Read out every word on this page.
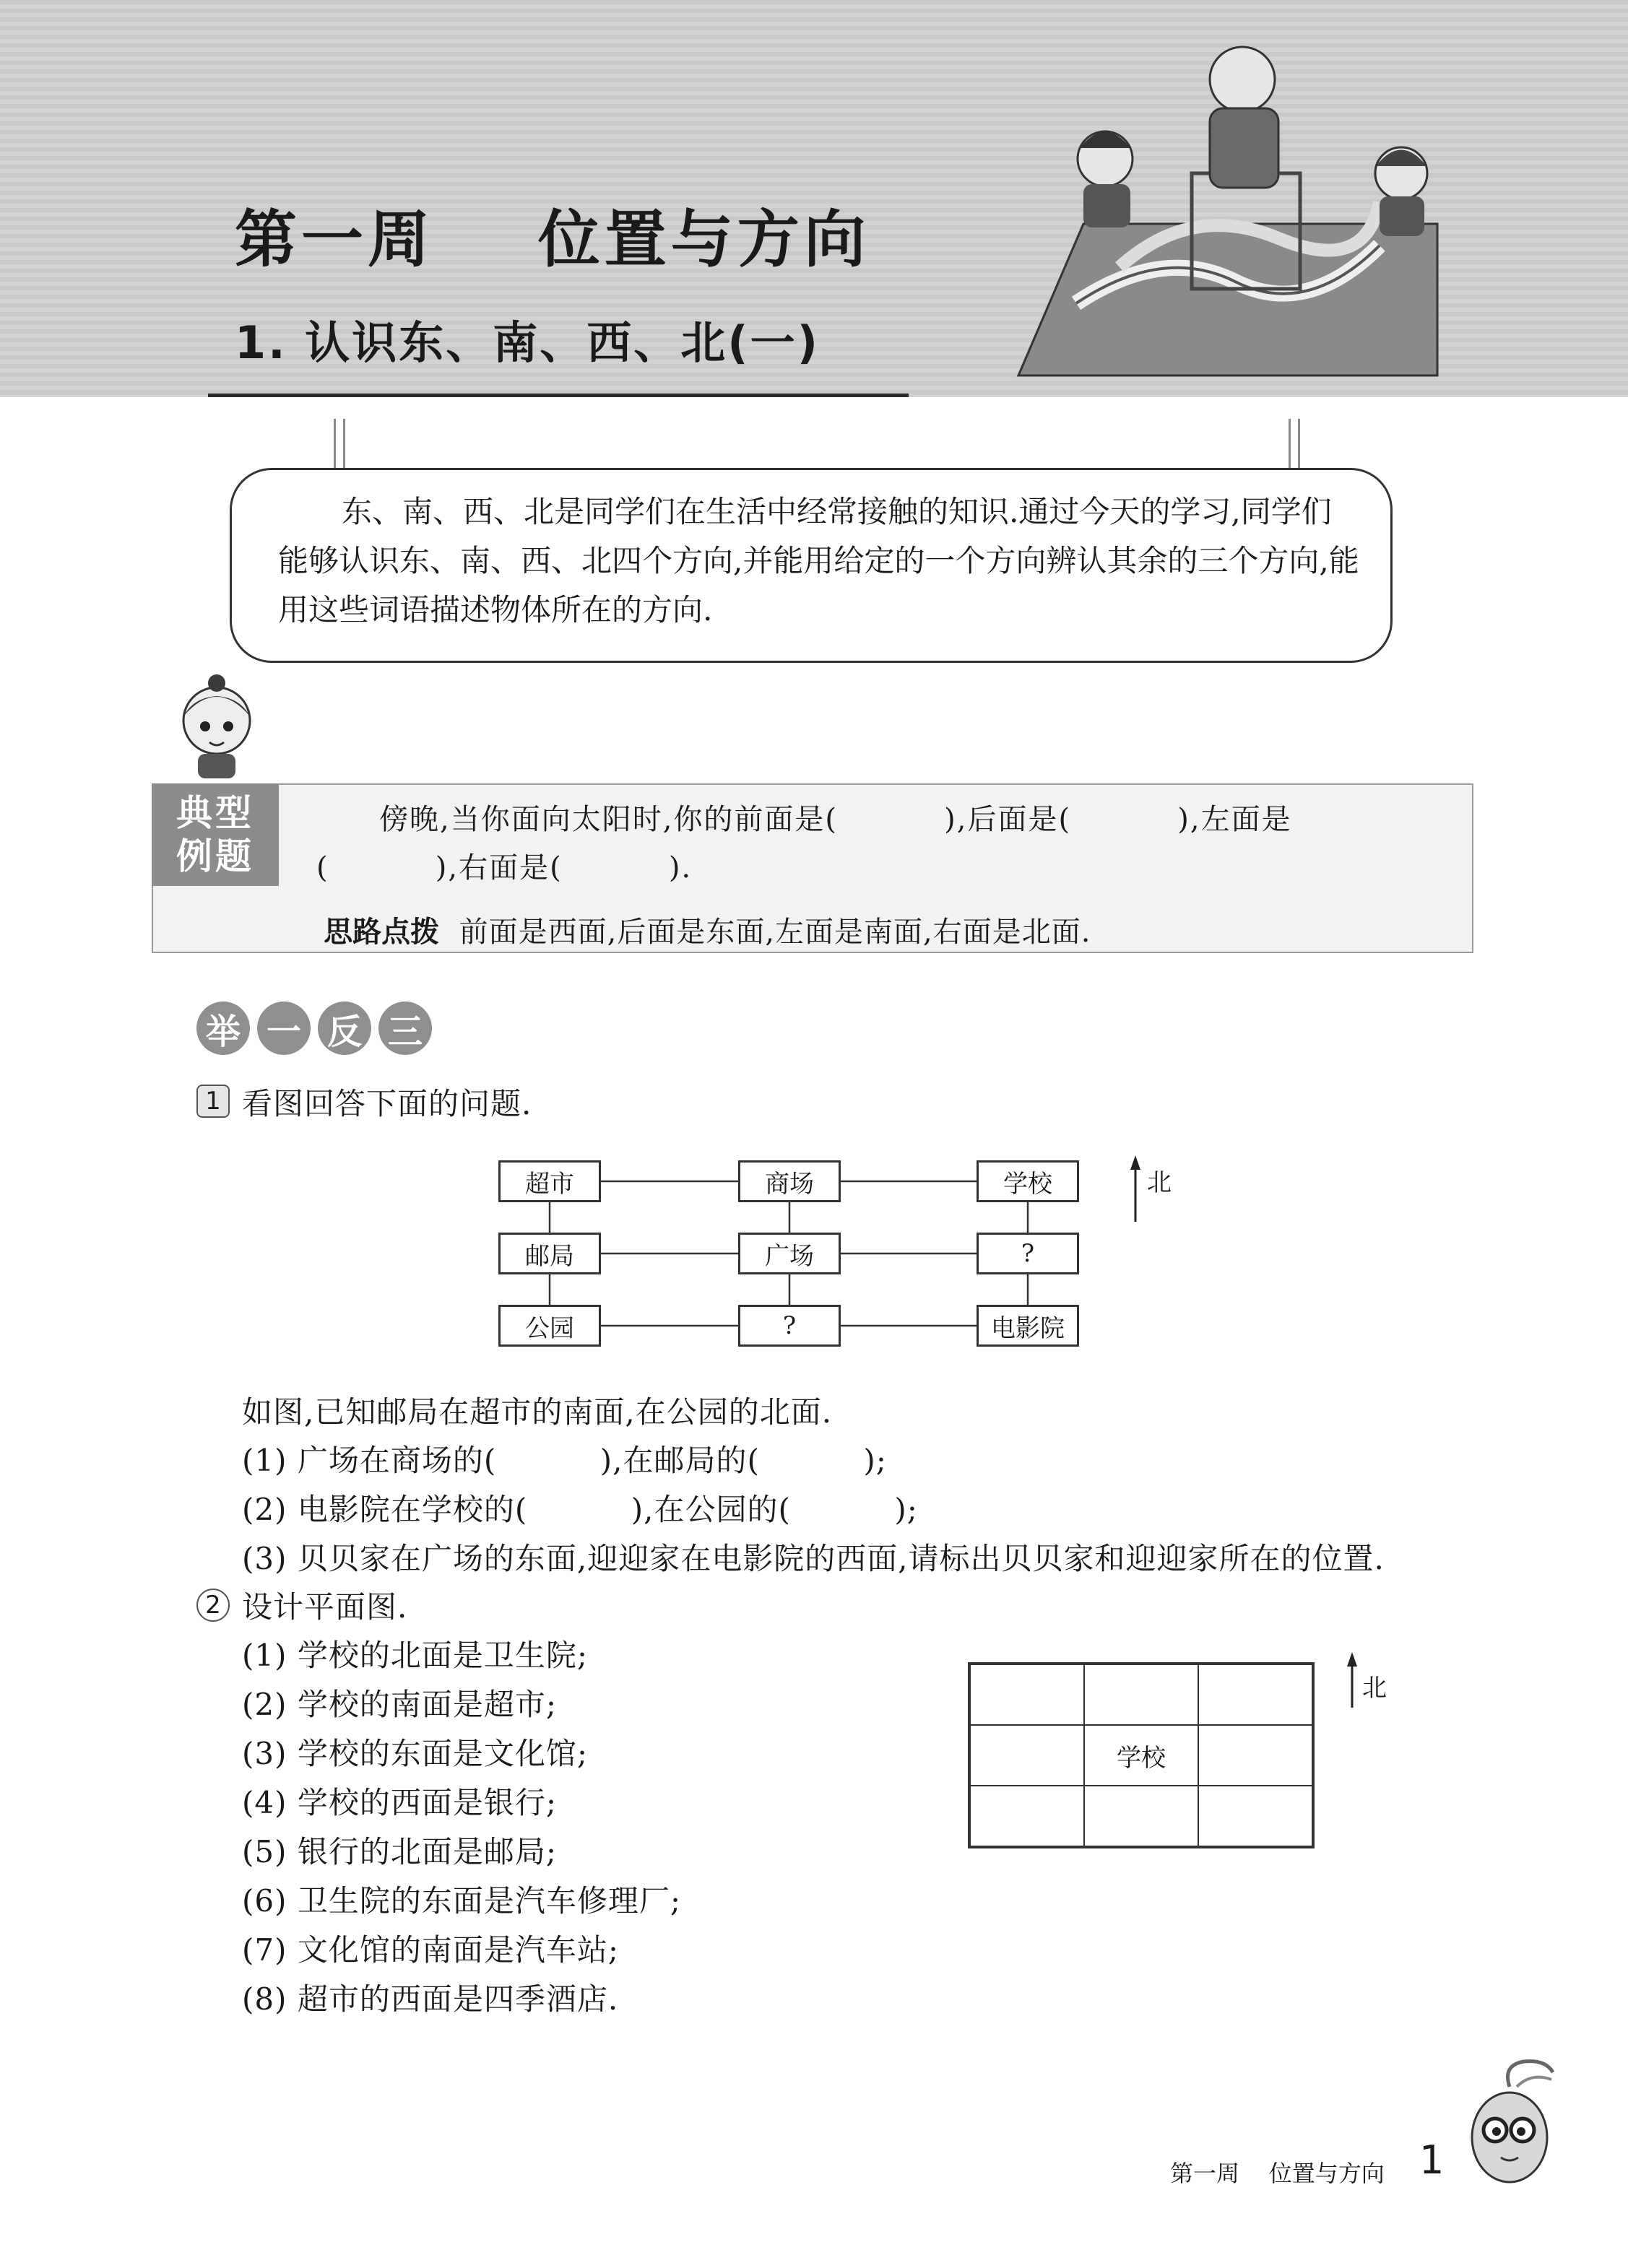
第一周    位置与方向
1. 认识东、南、西、北(一)
东、南、西、北是同学们在生活中经常接触的知识.通过今天的学习,同学们能够认识东、南、西、北四个方向,并能用给定的一个方向辨认其余的三个方向,能用这些词语描述物体所在的方向.
典型
例题
傍晚,当你面向太阳时,你的前面是(          ),后面是(          ),左面是
(          ),右面是(          ).

思路点拨 前面是西面,后面是东面,左面是南面,右面是北面.

举 一 反 三
1 看图回答下面的问题.
超市	商场	学校
邮局	广场	?
公园	?	电影院
北
如图,已知邮局在超市的南面,在公园的北面.
(1) 广场在商场的(          ),在邮局的(          );
(2) 电影院在学校的(          ),在公园的(          );
(3) 贝贝家在广场的东面,迎迎家在电影院的西面,请标出贝贝家和迎迎家所在的位置.
2 设计平面图.
(1) 学校的北面是卫生院;
(2) 学校的南面是超市;
(3) 学校的东面是文化馆;
(4) 学校的西面是银行;
(5) 银行的北面是邮局;
(6) 卫生院的东面是汽车修理厂;
(7) 文化馆的南面是汽车站;
(8) 超市的西面是四季酒店.
学校
北
第一周    位置与方向 1
